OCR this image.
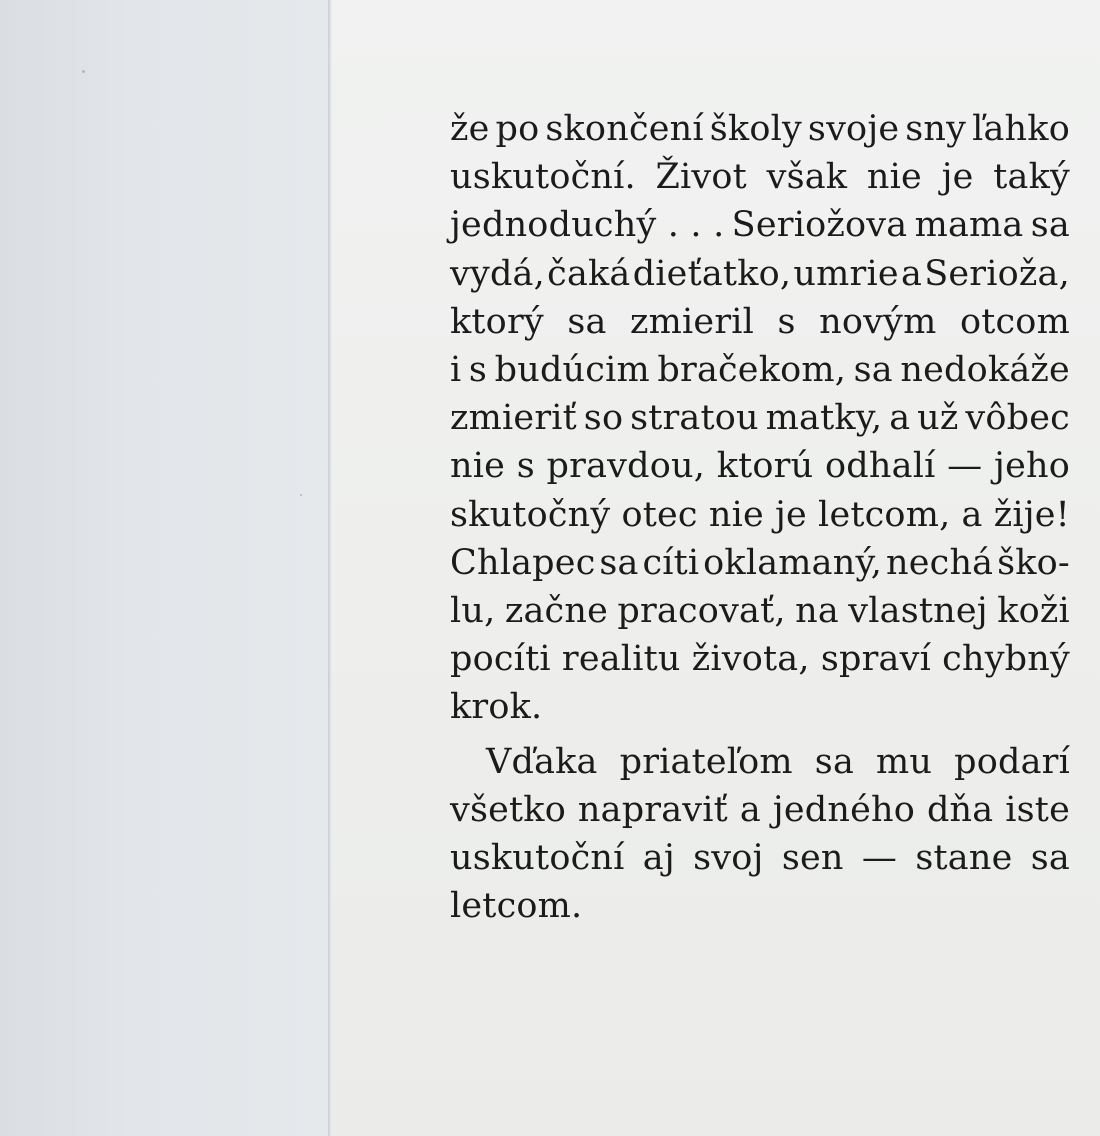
že po skončení školy svoje sny ľahko
uskutoční. Život však nie je taký
jednoduchý . . . Seriožova mama sa
vydá, čaká dieťatko, umrie a Serioža,
ktorý sa zmieril s novým otcom
i s budúcim bračekom, sa nedokáže
zmieriť so stratou matky, a už vôbec
nie s pravdou, ktorú odhalí — jeho
skutočný otec nie je letcom, a žije!
Chlapec sa cíti oklamaný, nechá ško-
lu, začne pracovať, na vlastnej koži
pocíti realitu života, spraví chybný
krok.
Vďaka priateľom sa mu podarí
všetko napraviť a jedného dňa iste
uskutoční aj svoj sen — stane sa
letcom.
